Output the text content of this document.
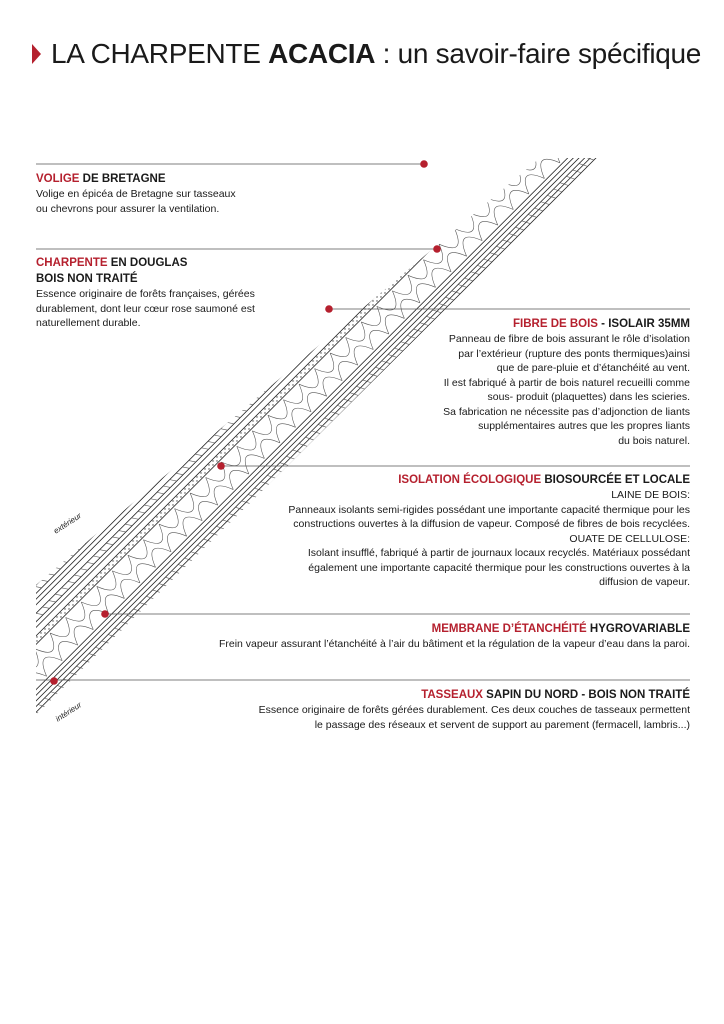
LA CHARPENTE ACACIA : un savoir-faire spécifique
extérieur
intérieur
VOLIGE DE BRETAGNE
Volige en épicéa de Bretagne sur tasseaux
ou chevrons pour assurer la ventilation.
CHARPENTE EN DOUGLAS
BOIS NON TRAITÉ
Essence originaire de forêts françaises, gérées
durablement, dont leur cœur rose saumoné est
naturellement durable.	FIBRE DE BOIS - ISOLAIR 35MM
Panneau de fibre de bois assurant le rôle d’isolation
par l’extérieur (rupture des ponts thermiques)ainsi
que de pare-pluie et d’étanchéité au vent.
Il est fabriqué à partir de bois naturel recueilli comme
sous- produit (plaquettes) dans les scieries.
Sa fabrication ne nécessite pas d’adjonction de liants
supplémentaires autres que les propres liants
du bois naturel.
ISOLATION ÉCOLOGIQUE BIOSOURCÉE ET LOCALE
LAINE DE BOIS:
Panneaux isolants semi-rigides possédant une importante capacité thermique pour les
constructions ouvertes à la diffusion de vapeur. Composé de fibres de bois recyclées.
OUATE DE CELLULOSE:
Isolant insufflé, fabriqué à partir de journaux locaux recyclés. Matériaux possédant
également une importante capacité thermique pour les constructions ouvertes à la
diffusion de vapeur.
MEMBRANE D’ÉTANCHÉITÉ HYGROVARIABLE
Frein vapeur assurant l’étanchéité à l’air du bâtiment et la régulation de la vapeur d’eau dans la paroi.
TASSEAUX SAPIN DU NORD - BOIS NON TRAITÉ
Essence originaire de forêts gérées durablement. Ces deux couches de tasseaux permettent
le passage des réseaux et servent de support au parement (fermacell, lambris...)
